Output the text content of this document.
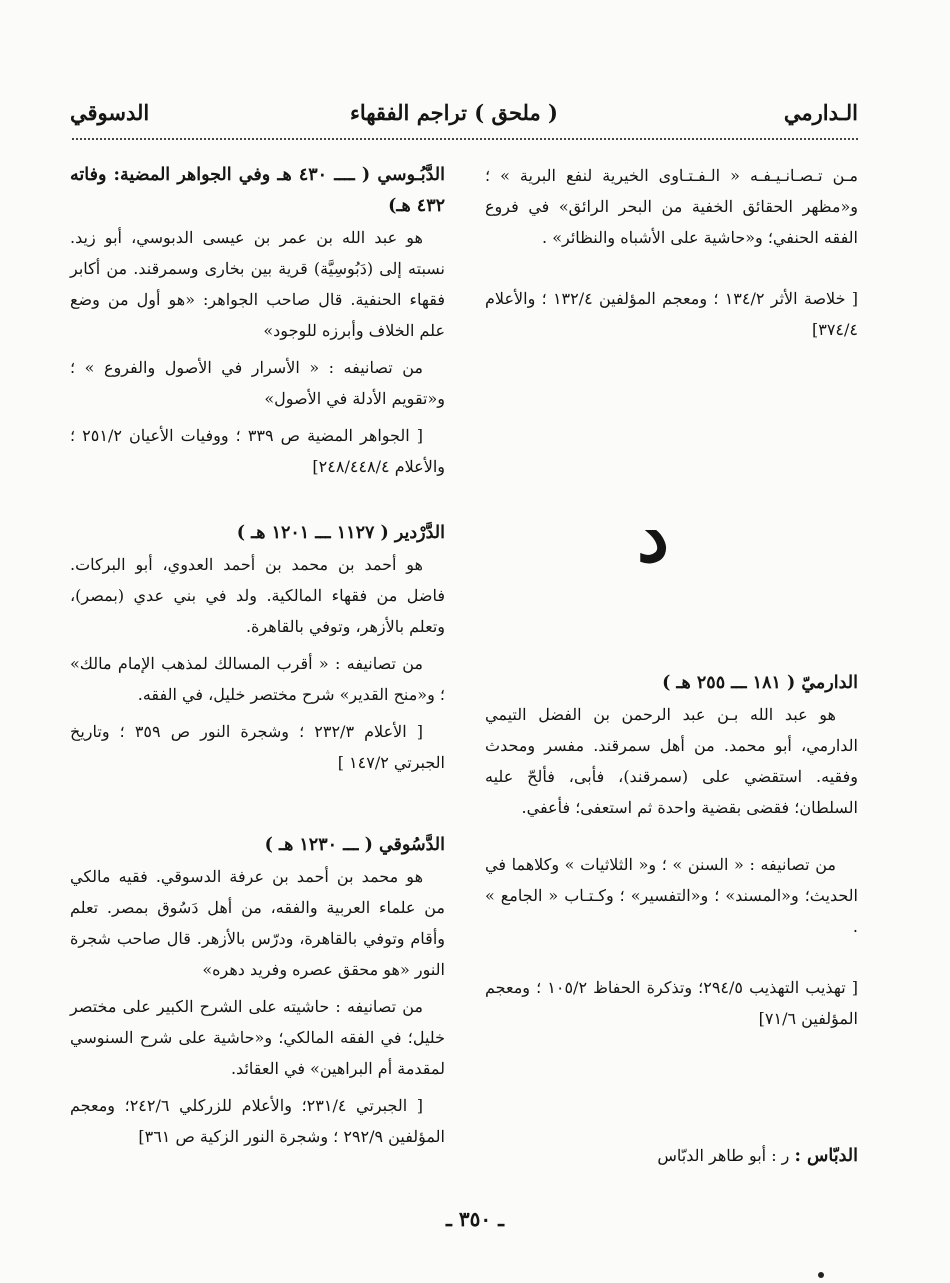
الـدارمي
( ملحق ) تراجم الفقهاء
الدسوقي

مـن تـصـانـيـفـه « الـفـتـاوى الخيرية لنفع البرية » ؛ و«مظهر الحقائق الخفية من البحر الرائق» في فروع الفقه الحنفي؛ و«حاشية على الأشباه والنظائر» .

[ خلاصة الأثر ١٣٤/٢ ؛ ومعجم المؤلفين ١٣٢/٤ ؛ والأعلام ٣٧٤/٤]

الدارميّ ( ١٨١ ـــ ٢٥٥ هـ )

هو عبد الله بـن عبد الرحمن بن الفضل التيمي الدارمي، أبو محمد. من أهل سمرقند. مفسر ومحدث وفقيه. استقضي على (سمرقند)، فأبى، فألحّ عليه السلطان؛ فقضى بقضية واحدة ثم استعفى؛ فأعفي.

من تصانيفه : « السنن » ؛ و« الثلاثيات » وكلاهما في الحديث؛ و«المسند» ؛ و«التفسير» ؛ وكـتـاب « الجامع » .

[ تهذيب التهذيب ٢٩٤/٥؛ وتذكرة الحفاظ ١٠٥/٢ ؛ ومعجم المؤلفين ٧١/٦]

الدبّاس : ر : أبو طاهر الدبّاس
د
الدَّبُـوسي ( ــــ ٤٣٠ هـ وفي الجواهر المضية: وفاته ٤٣٢ هـ)

هو عبد الله بن عمر بن عيسى الدبوسي، أبو زيد. نسبته إلى (دَبُوسِيَّة) قرية بين بخارى وسمرقند. من أكابر فقهاء الحنفية. قال صاحب الجواهر: «هو أول من وضع علم الخلاف وأبرزه للوجود»

من تصانيفه : « الأسرار في الأصول والفروع » ؛ و«تقويم الأدلة في الأصول»

[ الجواهر المضية ص ٣٣٩ ؛ ووفيات الأعيان ٢٥١/٢ ؛ والأعلام ٢٤٨/٤٤٨/٤]

الدَّرْدير ( ١١٢٧ ـــ ١٢٠١ هـ )

هو أحمد بن محمد بن أحمد العدوي، أبو البركات. فاضل من فقهاء المالكية. ولد في بني عدي (بمصر)، وتعلم بالأزهر، وتوفي بالقاهرة.

من تصانيفه : « أقرب المسالك لمذهب الإمام مالك» ؛ و«منح القدير» شرح مختصر خليل، في الفقه.

[ الأعلام ٢٣٢/٣ ؛ وشجرة النور ص ٣٥٩ ؛ وتاريخ الجبرتي ١٤٧/٢ ]

الدَّسُوقي ( ـــ ١٢٣٠ هـ )

هو محمد بن أحمد بن عرفة الدسوقي. فقيه مالكي من علماء العربية والفقه، من أهل دَسُوق بمصر. تعلم وأقام وتوفي بالقاهرة، ودرّس بالأزهر. قال صاحب شجرة النور «هو محقق عصره وفريد دهره»

من تصانيفه : حاشيته على الشرح الكبير على مختصر خليل؛ في الفقه المالكي؛ و«حاشية على شرح السنوسي لمقدمة أم البراهين» في العقائد.

[ الجبرتي ٢٣١/٤؛ والأعلام للزركلي ٢٤٢/٦؛ ومعجم المؤلفين ٢٩٢/٩ ؛ وشجرة النور الزكية ص ٣٦١]

ـ ٣٥٠ ـ
